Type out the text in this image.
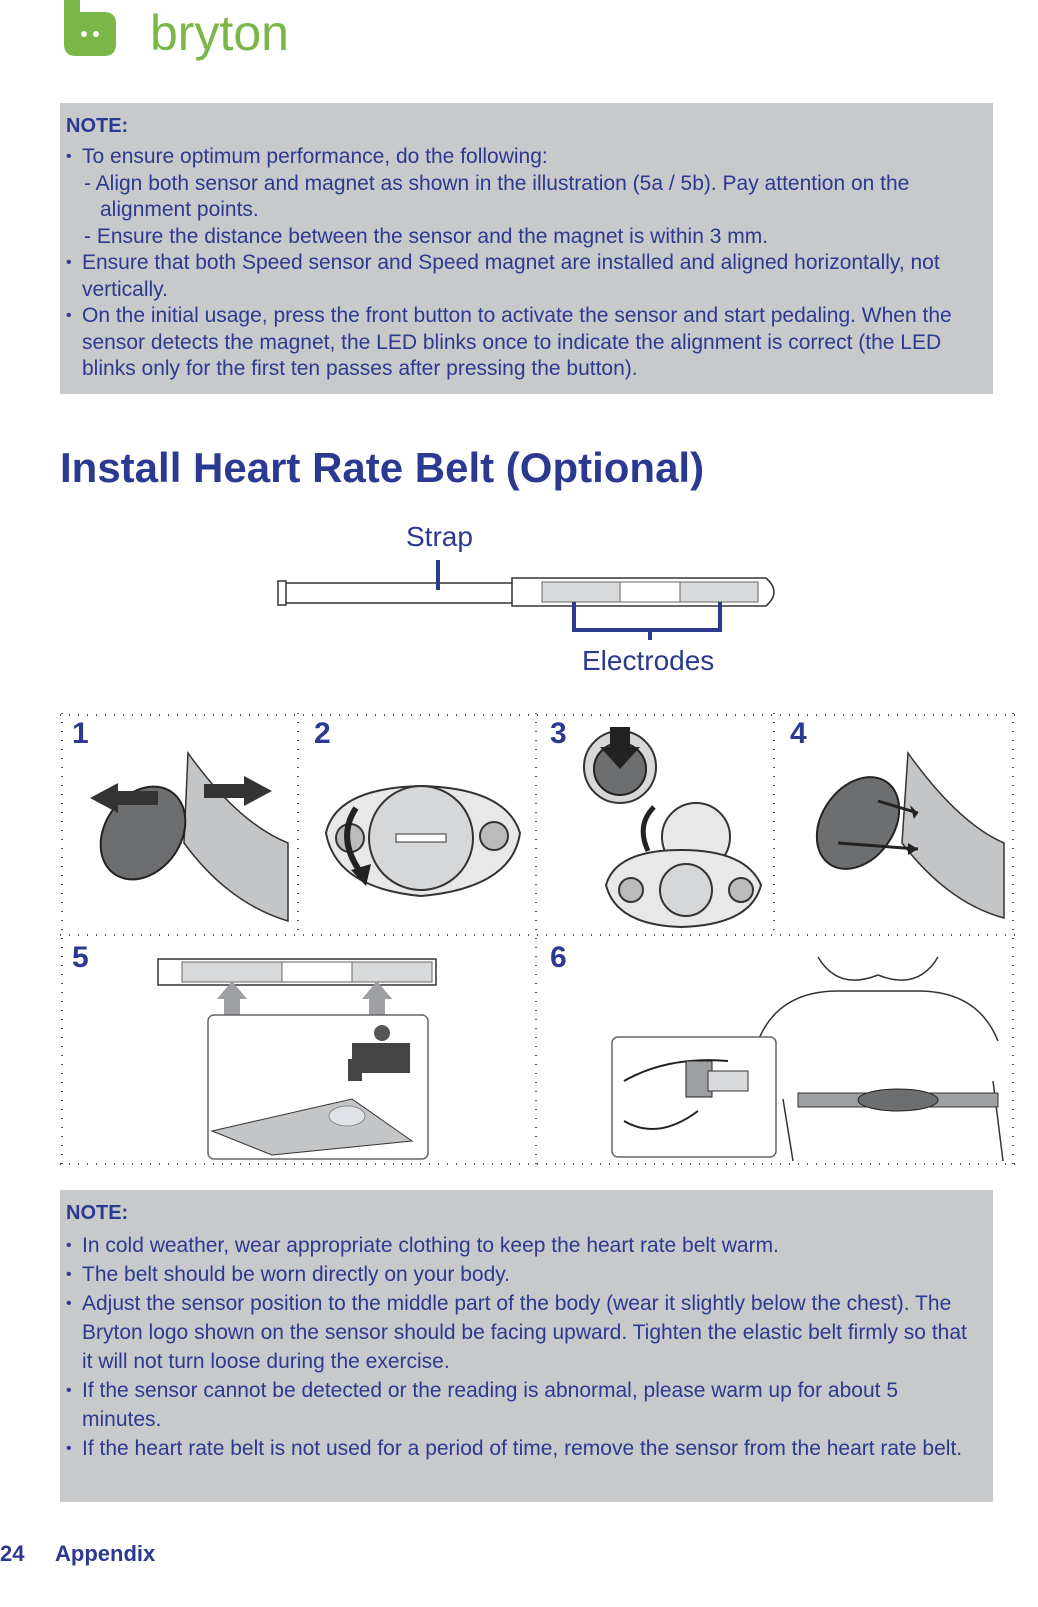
bryton
NOTE:
• To ensure optimum performance, do the following:
- Align both sensor and magnet as shown in the illustration (5a / 5b). Pay attention on the
alignment points.
- Ensure the distance between the sensor and the magnet is within 3 mm.
• Ensure that both Speed sensor and Speed magnet are installed and aligned horizontally, not vertically.
• On the initial usage, press the front button to activate the sensor and start pedaling. When the sensor detects the magnet, the LED blinks once to indicate the alignment is correct (the LED blinks only for the first ten passes after pressing the button).
Install Heart Rate Belt (Optional)
Strap
Electrodes
1	2	3	4
5	6
NOTE:
• In cold weather, wear appropriate clothing to keep the heart rate belt warm.
• The belt should be worn directly on your body.
• Adjust the sensor position to the middle part of the body (wear it slightly below the chest). The Bryton logo shown on the sensor should be facing upward. Tighten the elastic belt firmly so that it will not turn loose during the exercise.
• If the sensor cannot be detected or the reading is abnormal, please warm up for about 5 minutes.
• If the heart rate belt is not used for a period of time, remove the sensor from the heart rate belt.
24 Appendix
